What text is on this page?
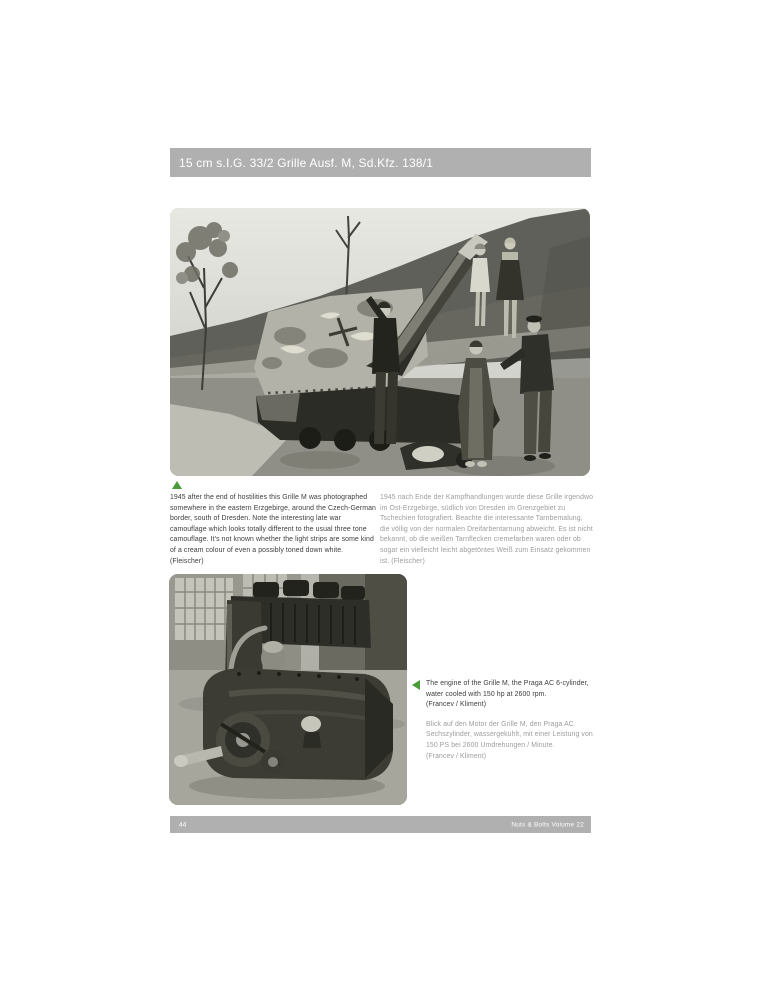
15 cm s.I.G. 33/2 Grille Ausf. M, Sd.Kfz. 138/1
1945 after the end of hostilities this Grille M was photographed somewhere in the eastern Erzgebirge, around the Czech-German border, south of Dresden. Note the interesting late war camouflage which looks totally different to the usual three tone camouflage. It's not known whether the light strips are some kind of a cream colour of even a possibly toned down white.
(Fleischer)
1945 nach Ende der Kampfhandlungen wurde diese Grille irgendwo im Ost-Erzgebirge, südlich von Dresden im Grenzgebiet zu Tschechien fotografiert. Beachte die interessante Tarnbemalung, die völlig von der normalen Dreifarbentarnung abweicht. Es ist nicht bekannt, ob die weißen Tarnflecken cremefarben waren oder ob sogar ein vielleicht leicht abgetöntes Weiß zum Einsatz gekommen ist. (Fleischer)
The engine of the Grille M, the Praga AC 6-cylinder, water cooled with 150 hp at 2600 rpm.
(Francev / Kliment)
Blick auf den Motor der Grille M, den Praga AC Sechszylinder, wassergekühlt, mit einer Leistung von 150 PS bei 2600 Umdrehungen / Minute.
(Francev / Kliment)
44	Nuts & Bolts Volume 22
